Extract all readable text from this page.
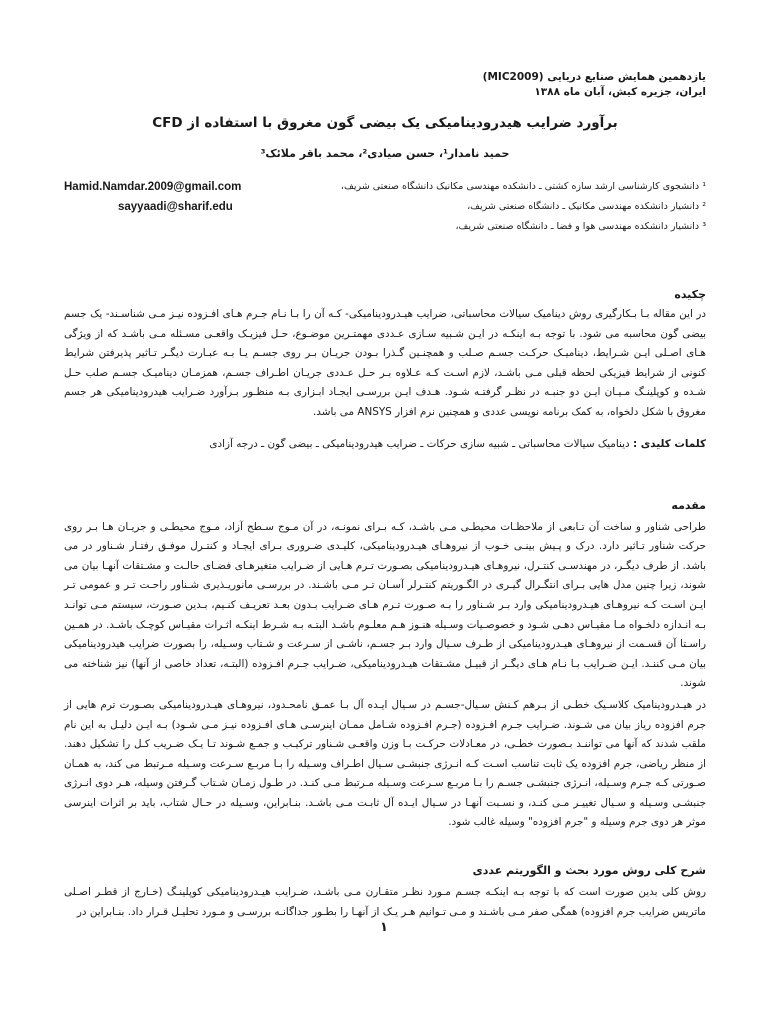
یازدهمین همایش صنایع دریایی (MIC2009)

ایران، جزیره کیش، آبان ماه ۱۳۸۸

برآورد ضرایب هیدرودینامیکی یک بیضی گون مغروق با استفاده از CFD

حمید نامدار¹، حسن صیادی²، محمد باقر ملائک³

¹ دانشجوی کارشناسی ارشد سازه کشتی ـ دانشکده مهندسی مکانیک دانشگاه صنعتی شریف،
Hamid.Namdar.2009@gmail.com
² دانشیار دانشکده مهندسی مکانیک ـ دانشگاه صنعتی شریف،
sayyaadi@sharif.edu
³ دانشیار دانشکده مهندسی هوا و فضا ـ دانشگاه صنعتی شریف،

چکیده

در این مقاله بـا بـکارگیری روش دینامیک سیالات محاسباتی، ضرایب هیـدرودینامیکی- کـه آن را بـا نـام جـرم هـای افـزوده نیـز مـی شناسـند- یک جسم بیضی گون محاسبه می شود. با توجه بـه اینکـه در ایـن شـبیه سـازی عـددی مهمتـرین موضـوع، حـل فیزیـک واقعـی مسـئله مـی باشـد که از ویژگی هـای اصـلی ایـن شـرایط، دینامیـک حرکـت جسـم صـلب و همچنـین گـذرا بـودن جریـان بـر روی جسـم یـا بـه عبـارت دیگـر تـاثیر پذیرفتن شرایط کنونی از شرایط فیزیکی لحظه قبلی مـی باشـد، لازم اسـت کـه عـلاوه بـر حـل عـددی جریـان اطـراف جسـم، همزمـان دینامیـک جسـم صلب حـل شـده و کوپلینـگ مـیـان ایـن دو جنبـه در نظـر گرفتـه شـود. هـدف ایـن بررسـی ایجـاد ابـزاری بـه منظـور بـرآورد ضـرایب هیدرودینامیکی هر جسم مغروق با شکل دلخواه، به کمک برنامه نویسی عددی و همچنین نرم افزار ANSYS می باشد.

کلمات کلیدی : دینامیک سیالات محاسباتی ـ شبیه سازی حرکات ـ ضرایب هیدرودینامیکی ـ بیضی گون ـ درجه آزادی

مقدمه

طراحی شناور و ساخت آن تـابعی از ملاحظـات محیطـی مـی باشـد، کـه بـرای نمونـه، در آن مـوج سـطح آزاد، مـوج محیطـی و جریـان هـا بـر روی حرکت شناور تـاثیر دارد. درک و پـیش بینـی خـوب از نیروهـای هیـدرودینامیکی، کلیـدی ضـروری بـرای ایجـاد و کنتـرل موفـق رفتـار شـناور در می باشد. از طرف دیگـر، در مهندسـی کنتـرل، نیروهـای هیـدرودینامیکی بصـورت تـرم هـایی از ضـرایب متغیرهـای فضـای حالـت و مشـتقات آنهـا بیان می شوند، زیرا چنین مدل هایی بـرای انتگـرال گیـری در الگـوریتم کنتـرلر آسـان تـر مـی باشـند. در بررسـی مانوریـذیری شـناور راحـت تـر و عمومی تـر ایـن اسـت کـه نیروهـای هیـدرودینامیکی وارد بـر شـناور را بـه صـورت تـرم هـای ضـرایب بـدون بعـد تعریـف کنـیم، بـدین صـورت، سیستم مـی توانـد بـه انـدازه دلخـواه مـا مقیـاس دهـی شـود و خصوصـیات وسـیله هنـوز هـم معلـوم باشـد البتـه بـه شـرط اینکـه اثـرات مقیـاس کوچـک باشـد. در همـین راسـتا آن قسـمت از نیروهـای هیـدرودینامیکی از طـرف سـیال وارد بـر جسـم، ناشـی از سـرعت و شـتاب وسـیله، را بصورت ضرایب هیدرودینامیکی بیان مـی کننـد. ایـن ضـرایب بـا نـام هـای دیگـر از قبیـل مشـتقات هیـدرودینامیکی، ضـرایب جـرم افـزوده (البتـه، تعداد خاصی از آنها) نیز شناخته می شوند.

در هیـدرودینامیک کلاسـیک خطـی از بـرهم کـنش سـیال-جسـم در سـیال ایـده آل بـا عمـق نامحـدود، نیروهـای هیـدرودینامیکی بصـورت ترم هایی از جرم افزوده ریاز بیان می شـوند. ضـرایب جـرم افـزوده (جـرم افـزوده شـامل ممـان اینرسـی هـای افـزوده نیـز مـی شـود) بـه ایـن دلیـل به این نام ملقب شدند که آنها می تواننـد بـصورت خطـی، در معـادلات حرکـت بـا وزن واقعـی شـناور ترکیـب و جمـع شـوند تـا یـک ضـریب کـل را تشکیل دهند. از منظر ریاضی، جرم افزوده یک ثابت تناسب اسـت کـه انـرژی جنبشـی سـیال اطـراف وسـیله را بـا مربـع سـرعت وسـیله مـرتبط می کند، به همـان صـورتی کـه جـرم وسـیله، انـرژی جنبشـی جسـم را بـا مربـع سـرعت وسـیله مـرتبط مـی کنـد. در طـول زمـان شـتاب گـرفتن وسیله، هـر دوی انـرژی جنبشـی وسـیله و سـیال تغییـر مـی کنـد، و نسـبت آنهـا در سـیال ایـده آل ثابـت مـی باشـد. بنـابراین، وسـیله در حـال شتاب، باید بر اثرات اینرسی موثر هر دوی جرم وسیله و "جرم افزوده" وسیله غالب شود.

شرح کلی روش مورد بحث و الگوریتم عددی

روش کلی بدین صورت است که با توجه بـه اینکـه جسـم مـورد نظـر متقـارن مـی باشـد، ضـرایب هیـدرودینامیکی کوپلینـگ (خـارج از قطـر اصـلی ماتریس ضرایب جرم افزوده) همگی صفر مـی باشـند و مـی تـوانیم هـر یـک از آنهـا را بطـور جداگانـه بررسـی و مـورد تحلیـل قـرار داد. بنـابراین در

۱
